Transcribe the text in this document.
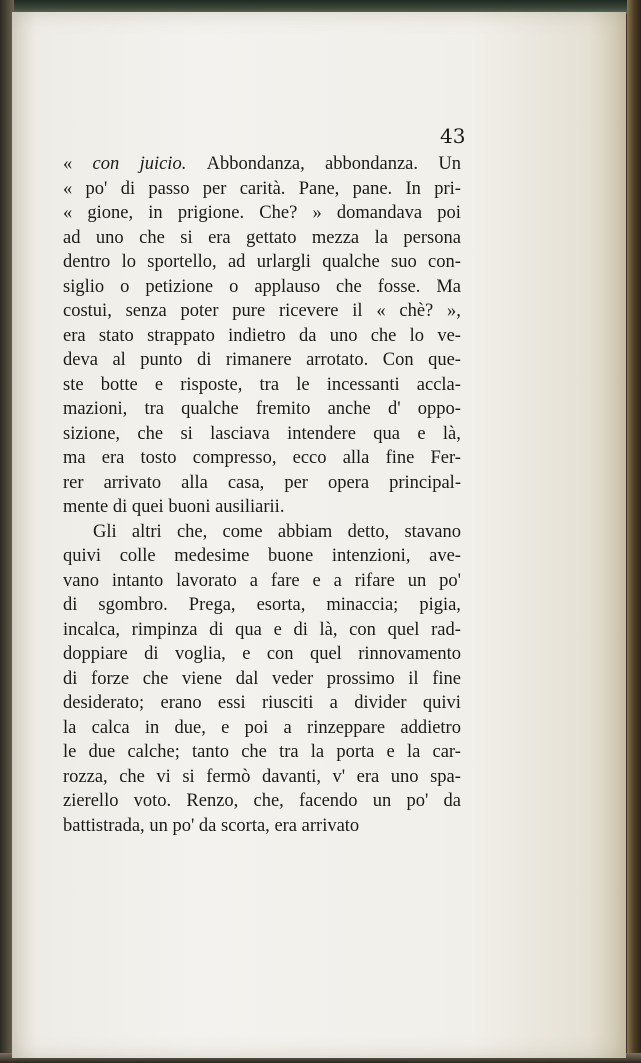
43
« con juicio. Abbondanza, abbondanza. Un
« po' di passo per carità. Pane, pane. In pri-
« gione, in prigione. Che? » domandava poi
ad uno che si era gettato mezza la persona
dentro lo sportello, ad urlargli qualche suo con-
siglio o petizione o applauso che fosse. Ma
costui, senza poter pure ricevere il « chè? »,
era stato strappato indietro da uno che lo ve-
deva al punto di rimanere arrotato. Con que-
ste botte e risposte, tra le incessanti accla-
mazioni, tra qualche fremito anche d' oppo-
sizione, che si lasciava intendere qua e là,
ma era tosto compresso, ecco alla fine Fer-
rer arrivato alla casa, per opera principal-
mente di quei buoni ausiliarii.
Gli altri che, come abbiam detto, stavano
quivi colle medesime buone intenzioni, ave-
vano intanto lavorato a fare e a rifare un po'
di sgombro. Prega, esorta, minaccia; pigia,
incalca, rimpinza di qua e di là, con quel rad-
doppiare di voglia, e con quel rinnovamento
di forze che viene dal veder prossimo il fine
desiderato; erano essi riusciti a divider quivi
la calca in due, e poi a rinzeppare addietro
le due calche; tanto che tra la porta e la car-
rozza, che vi si fermò davanti, v' era uno spa-
zierello voto. Renzo, che, facendo un po' da
battistrada, un po' da scorta, era arrivato
